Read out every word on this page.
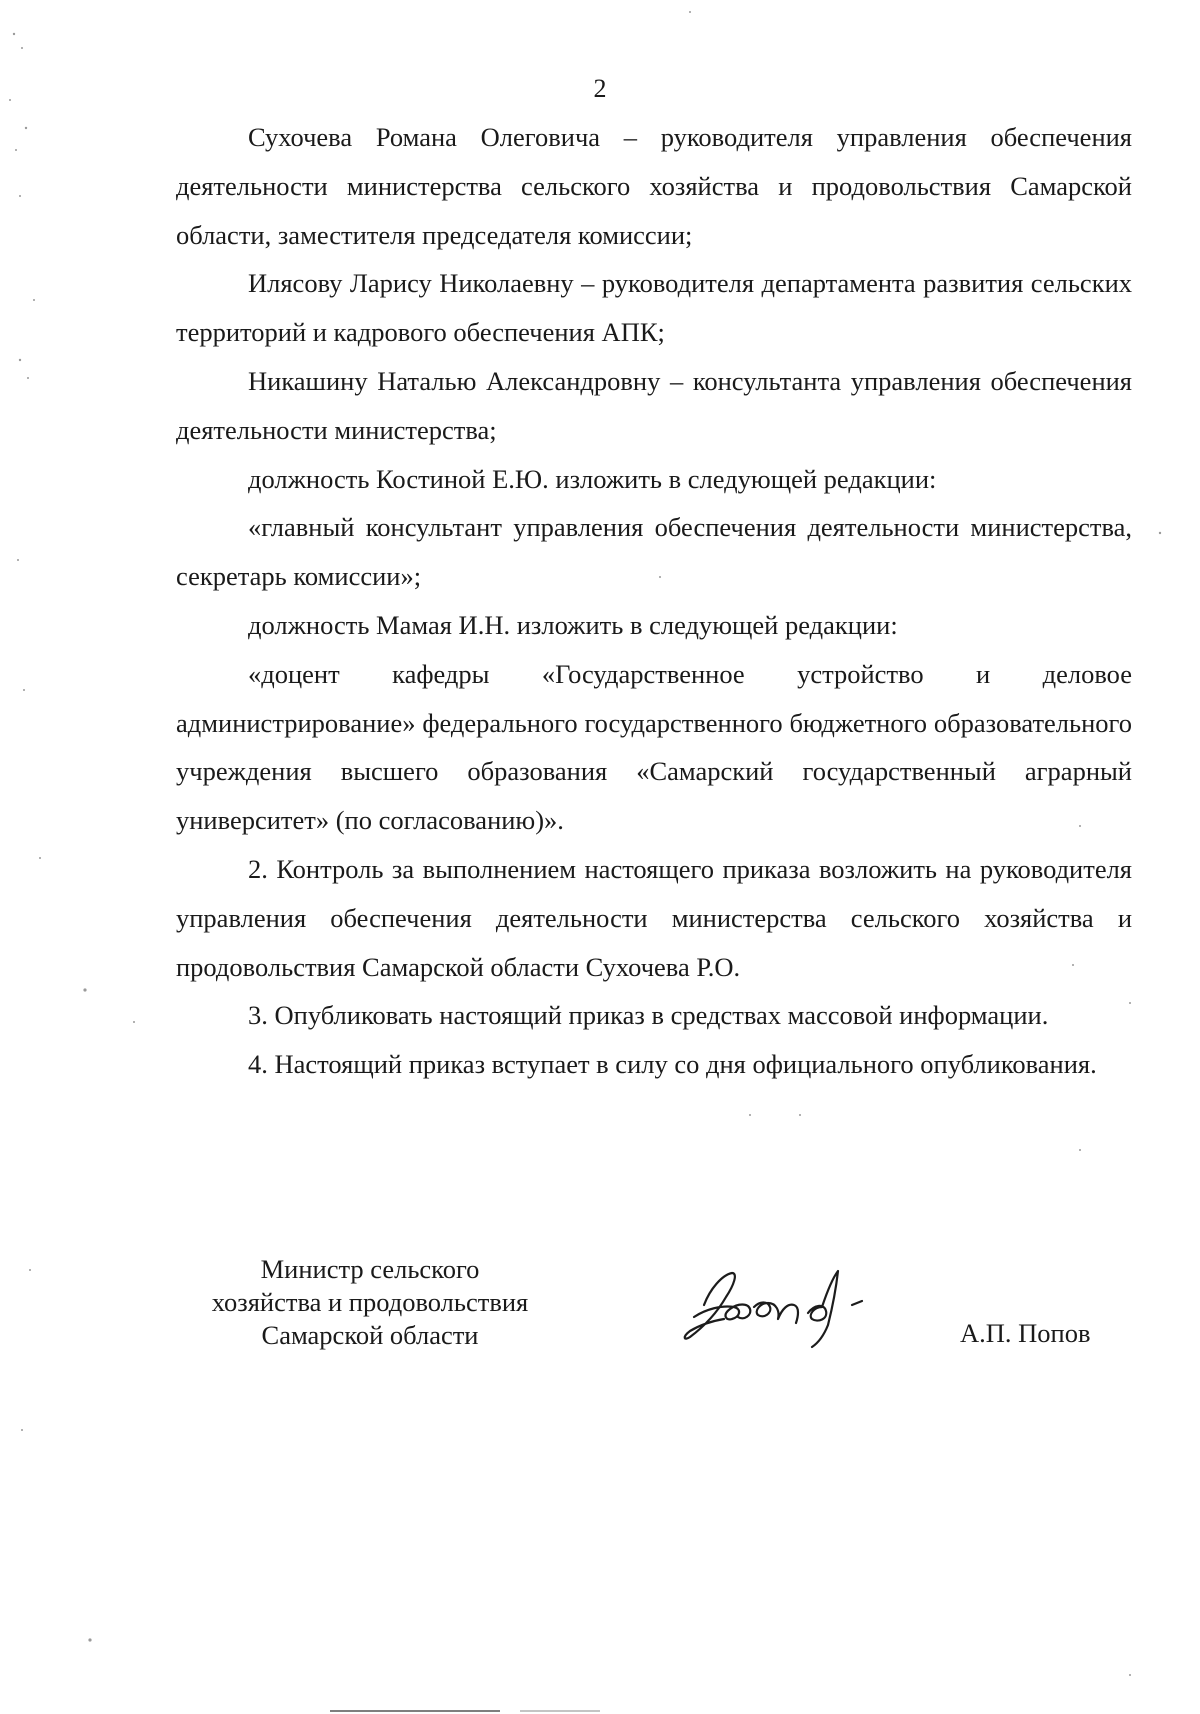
2

Сухочева Романа Олеговича – руководителя управления обеспечения деятельности министерства сельского хозяйства и продовольствия Самарской области, заместителя председателя комиссии;

Илясову Ларису Николаевну – руководителя департамента развития сельских территорий и кадрового обеспечения АПК;

Никашину Наталью Александровну – консультанта управления обеспечения деятельности министерства;

должность Костиной Е.Ю. изложить в следующей редакции:

«главный консультант управления обеспечения деятельности министерства, секретарь комиссии»;

должность Мамая И.Н. изложить в следующей редакции:

«доцент кафедры «Государственное устройство и деловое администрирование» федерального государственного бюджетного образовательного учреждения высшего образования «Самарский государственный аграрный университет» (по согласованию)».

2. Контроль за выполнением настоящего приказа возложить на руководителя управления обеспечения деятельности министерства сельского хозяйства и продовольствия Самарской области Сухочева Р.О.

3. Опубликовать настоящий приказ в средствах массовой информации.

4. Настоящий приказ вступает в силу со дня официального опубликования.

Министр сельского
хозяйства и продовольствия
Самарской области	А.П. Попов
